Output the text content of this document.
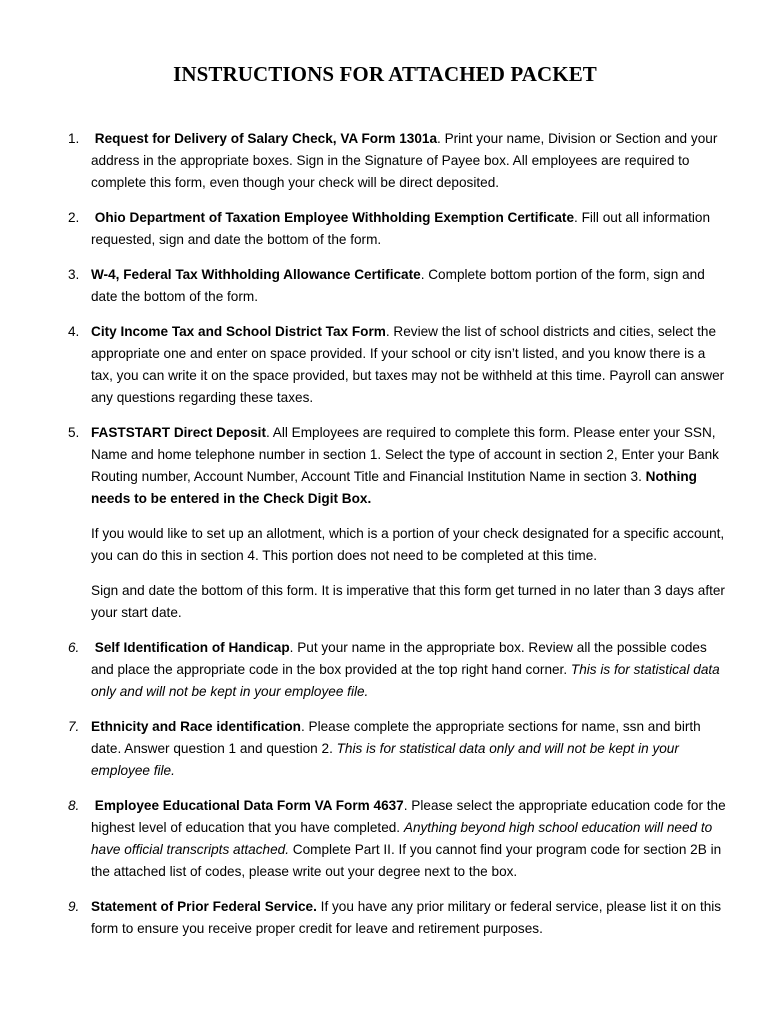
INSTRUCTIONS FOR ATTACHED PACKET
1. Request for Delivery of Salary Check, VA Form 1301a. Print your name, Division or Section and your address in the appropriate boxes. Sign in the Signature of Payee box. All employees are required to complete this form, even though your check will be direct deposited.

2. Ohio Department of Taxation Employee Withholding Exemption Certificate. Fill out all information requested, sign and date the bottom of the form.

3. W-4, Federal Tax Withholding Allowance Certificate. Complete bottom portion of the form, sign and date the bottom of the form.

4. City Income Tax and School District Tax Form. Review the list of school districts and cities, select the appropriate one and enter on space provided. If your school or city isn’t listed, and you know there is a tax, you can write it on the space provided, but taxes may not be withheld at this time. Payroll can answer any questions regarding these taxes.

5. FASTSTART Direct Deposit. All Employees are required to complete this form. Please enter your SSN, Name and home telephone number in section 1. Select the type of account in section 2, Enter your Bank Routing number, Account Number, Account Title and Financial Institution Name in section 3. Nothing needs to be entered in the Check Digit Box.

If you would like to set up an allotment, which is a portion of your check designated for a specific account, you can do this in section 4. This portion does not need to be completed at this time.

Sign and date the bottom of this form. It is imperative that this form get turned in no later than 3 days after your start date.

6. Self Identification of Handicap. Put your name in the appropriate box. Review all the possible codes and place the appropriate code in the box provided at the top right hand corner. This is for statistical data only and will not be kept in your employee file.

7. Ethnicity and Race identification. Please complete the appropriate sections for name, ssn and birth date. Answer question 1 and question 2. This is for statistical data only and will not be kept in your employee file.

8. Employee Educational Data Form VA Form 4637. Please select the appropriate education code for the highest level of education that you have completed. Anything beyond high school education will need to have official transcripts attached. Complete Part II. If you cannot find your program code for section 2B in the attached list of codes, please write out your degree next to the box.

9. Statement of Prior Federal Service. If you have any prior military or federal service, please list it on this form to ensure you receive proper credit for leave and retirement purposes.
